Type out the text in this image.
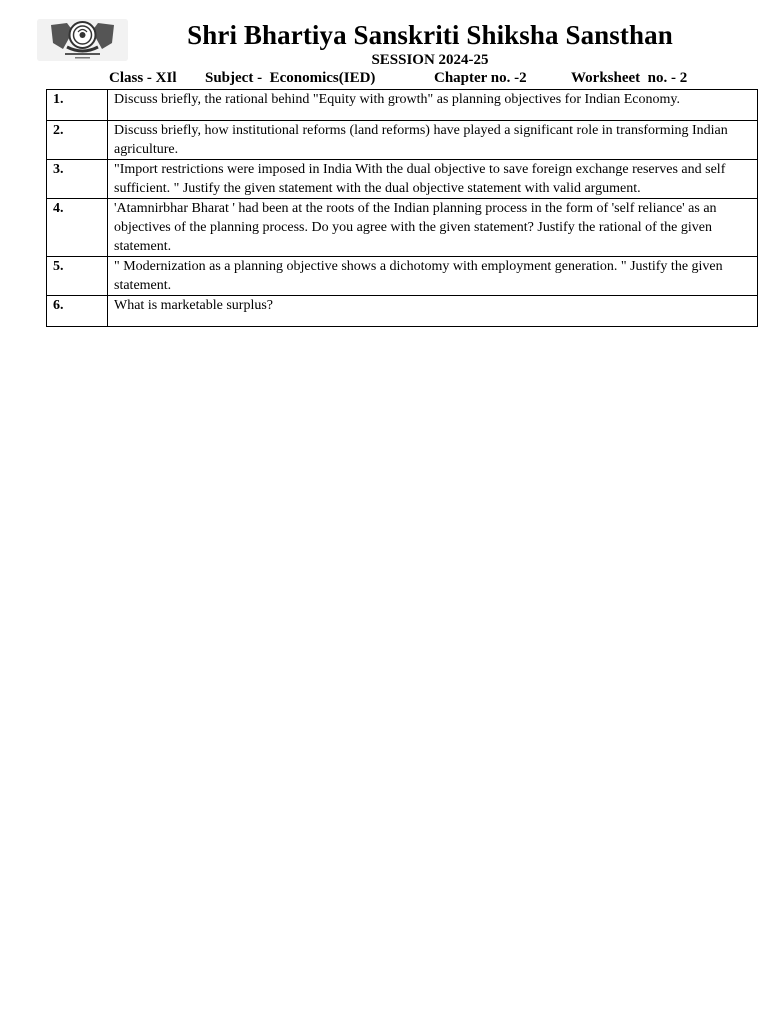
Shri Bhartiya Sanskriti Shiksha Sansthan
SESSION 2024-25

Class - XIl

Subject -  Economics(IED)

	Chapter no. -2

	Worksheet  no. - 2

1.	Discuss briefly, the rational behind "Equity with growth" as planning objectives for Indian Economy.
2.	Discuss briefly, how institutional reforms (land reforms) have played a significant role in transforming Indian agriculture.
3.	"Import restrictions were imposed in India With the dual objective to save foreign exchange reserves and self sufficient. " Justify the given statement with the dual objective statement with valid argument.
4.	'Atamnirbhar Bharat ' had been at the roots of the Indian planning process in the form of 'self reliance' as an objectives of the planning process. Do you agree with the given statement? Justify the rational of the given statement.
5.	" Modernization as a planning objective shows a dichotomy with employment generation. " Justify the given statement.
6.	What is marketable surplus?
